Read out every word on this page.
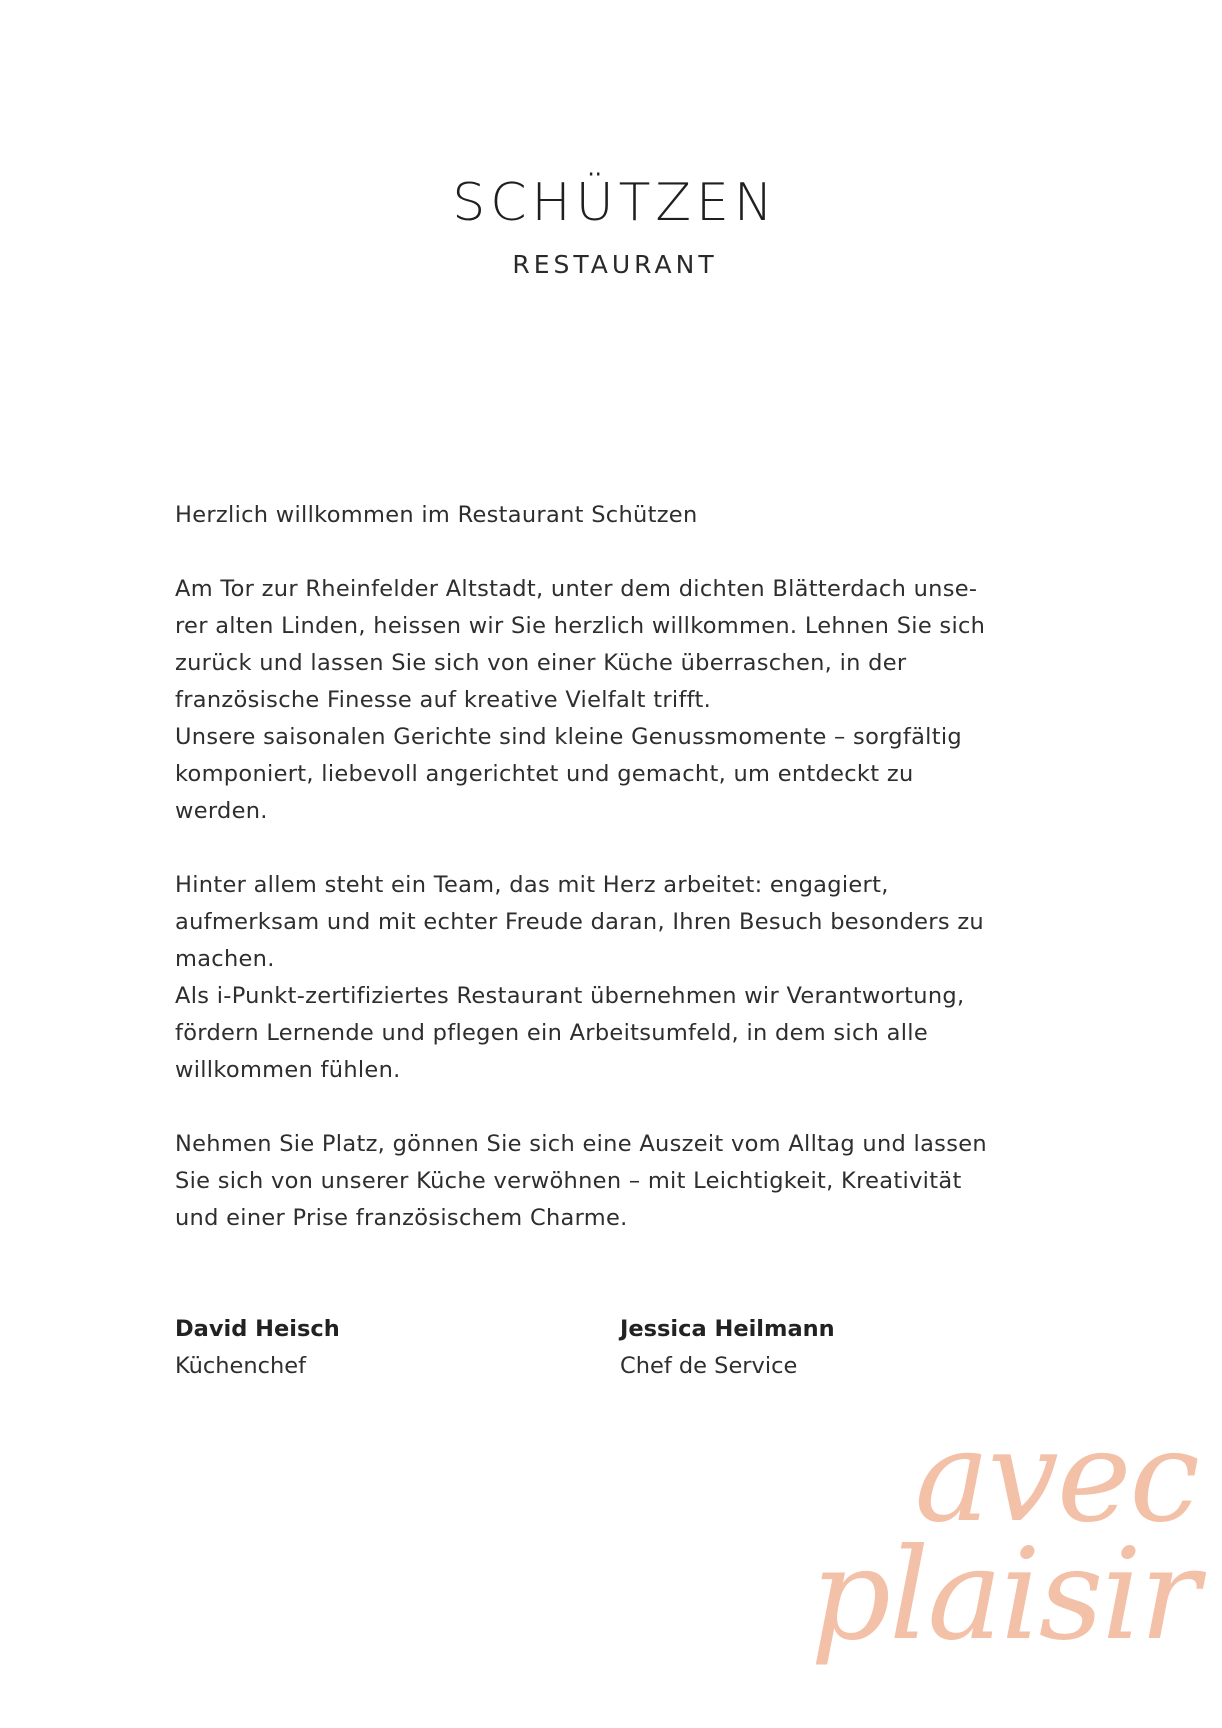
SCHÜTZEN
RESTAURANT

Herzlich willkommen im Restaurant Schützen

Am Tor zur Rheinfelder Altstadt, unter dem dichten Blätterdach unse-

rer alten Linden, heissen wir Sie herzlich willkommen. Lehnen Sie sich

zurück und lassen Sie sich von einer Küche überraschen, in der

französische Finesse auf kreative Vielfalt trifft.

Unsere saisonalen Gerichte sind kleine Genussmomente – sorgfältig

komponiert, liebevoll angerichtet und gemacht, um entdeckt zu

werden.

Hinter allem steht ein Team, das mit Herz arbeitet: engagiert,

aufmerksam und mit echter Freude daran, Ihren Besuch besonders zu

machen.

Als i-Punkt-zertifiziertes Restaurant übernehmen wir Verantwortung,

fördern Lernende und pflegen ein Arbeitsumfeld, in dem sich alle

willkommen fühlen.

Nehmen Sie Platz, gönnen Sie sich eine Auszeit vom Alltag und lassen

Sie sich von unserer Küche verwöhnen – mit Leichtigkeit, Kreativität

und einer Prise französischem Charme.

David Heisch
Küchenchef
Jessica Heilmann
Chef de Service
avec
plaisir
